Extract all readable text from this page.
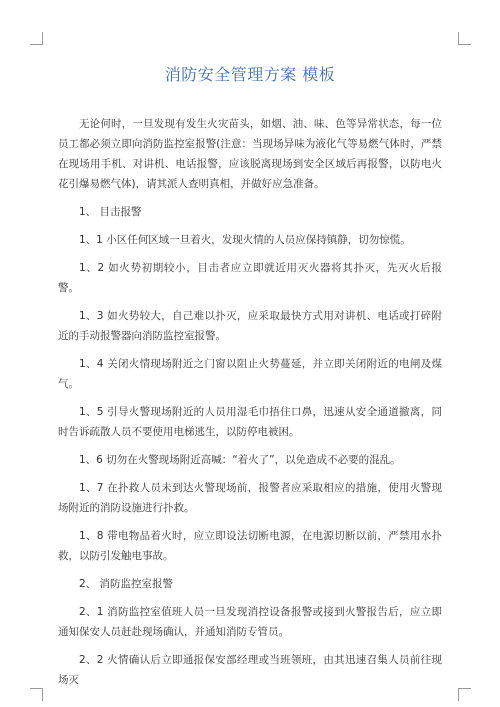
消防安全管理方案 模板

无论何时，一旦发现有发生火灾苗头，如烟、油、味、色等异常状态，每一位员工都必须立即向消防监控室报警(注意：当现场异味为液化气等易燃气体时，严禁在现场用手机、对讲机、电话报警，应该脱离现场到安全区域后再报警，以防电火花引爆易燃气体)，请其派人查明真相，并做好应急准备。

1、 目击报警

1、1 小区任何区域一旦着火，发现火情的人员应保持镇静，切勿惊慌。

1、2 如火势初期较小，目击者应立即就近用灭火器将其扑灭，先灭火后报警。

1、3 如火势较大，自己难以扑灭，应采取最快方式用对讲机、电话或打碎附近的手动报警器向消防监控室报警。

1、4 关闭火情现场附近之门窗以阻止火势蔓延，并立即关闭附近的电闸及煤气。

1、5 引导火警现场附近的人员用湿毛巾捂住口鼻，迅速从安全通道撤离，同时告诉疏散人员不要使用电梯逃生，以防停电被困。

1、6 切勿在火警现场附近高喊：“着火了”，以免造成不必要的混乱。

1、7 在扑救人员未到达火警现场前，报警者应采取相应的措施，使用火警现场附近的消防设施进行扑救。

1、8 带电物品着火时，应立即设法切断电源，在电源切断以前，严禁用水扑救，以防引发触电事故。

2、 消防监控室报警

2、1 消防监控室值班人员一旦发现消控设备报警或接到火警报告后，应立即通知保安人员赶赴现场确认，并通知消防专管员。

2、2 火情确认后立即通报保安部经理或当班领班，由其迅速召集人员前往现场灭
